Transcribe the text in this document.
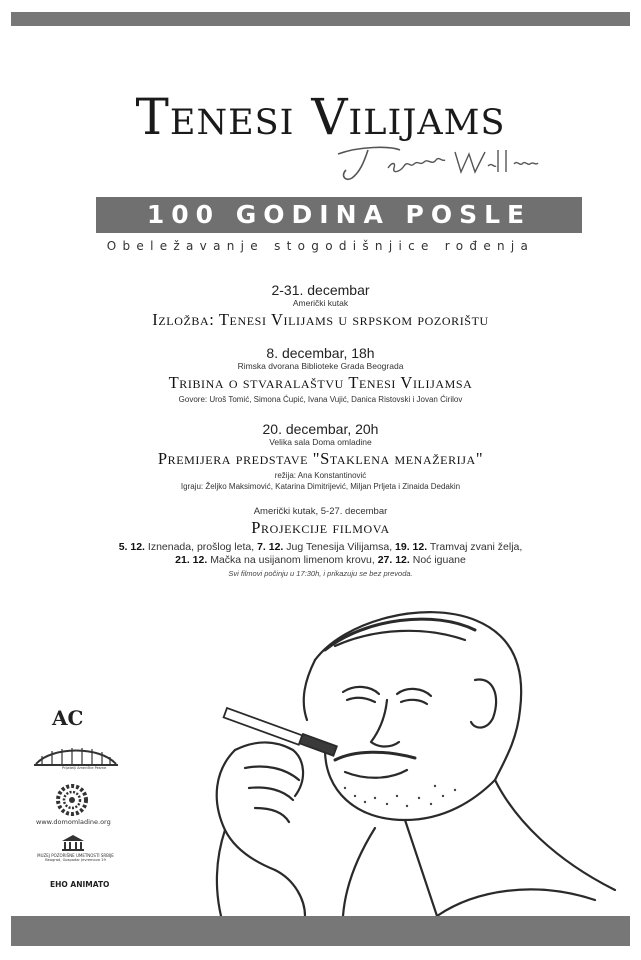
Tenesi Vilijams
100 GODINA POSLE
Obeležavanje stogodišnjice rođenja
2-31. decembar
Američki kutak
Izložba: Tenesi Vilijams u srpskom pozorištu
8. decembar, 18h
Rimska dvorana Biblioteke Grada Beograda
Tribina o stvaralaštvu Tenesi Vilijamsa
Govore: Uroš Tomić, Simona Ćupić, Ivana Vujić, Danica Ristovski i Jovan Ćirilov
20. decembar, 20h
Velika sala Doma omladine
Premijera predstave "Staklena menažerija"
režija: Ana Konstantinović
Igraju: Željko Maksimović, Katarina Dimitrijević, Miljan Prljeta i Zinaida Dedakin
Američki kutak, 5-27. decembar
Projekcije filmova
5. 12. Iznenada, prošlog leta, 7. 12. Jug Tenesija Vilijamsa, 19. 12. Tramvaj zvani želja,
21. 12. Mačka na usijanom limenom krovu, 27. 12. Noć iguane
Svi filmovi počinju u 17:30h, i prikazuju se bez prevoda.
AC
Prijatelji Američke Pesme
www.domomladine.org
MUZEJ POZORIŠNE UMETNOSTI SRBIJE
Beograd, Gospodar Jevremova 19
EHO ANIMATO
